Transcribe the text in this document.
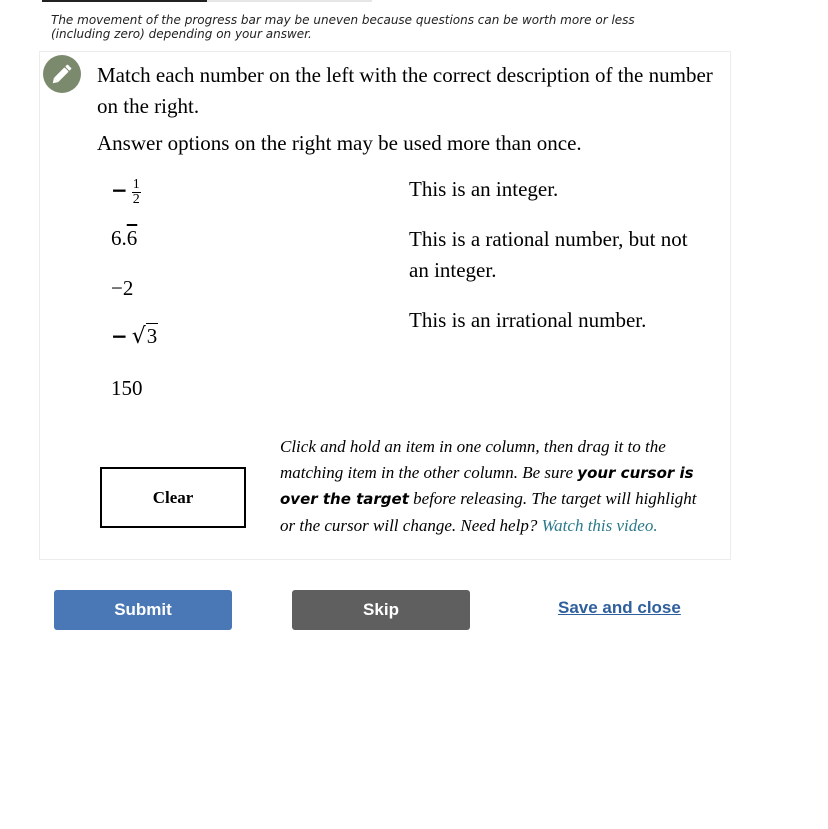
The movement of the progress bar may be uneven because questions can be worth more or less
(including zero) depending on your answer.

Match each number on the left with the correct description of the number on the right.

Answer options on the right may be used more than once.

− $\frac{1}{2}$
6.6
−2
− √3
150
This is an integer.
This is a rational number, but not an integer.
This is an irrational number.
Clear
Click and hold an item in one column, then drag it to the matching item in the other column. Be sure your cursor is over the target before releasing. The target will highlight or the cursor will change. Need help? Watch this video.
Submit	Skip	Save and close
